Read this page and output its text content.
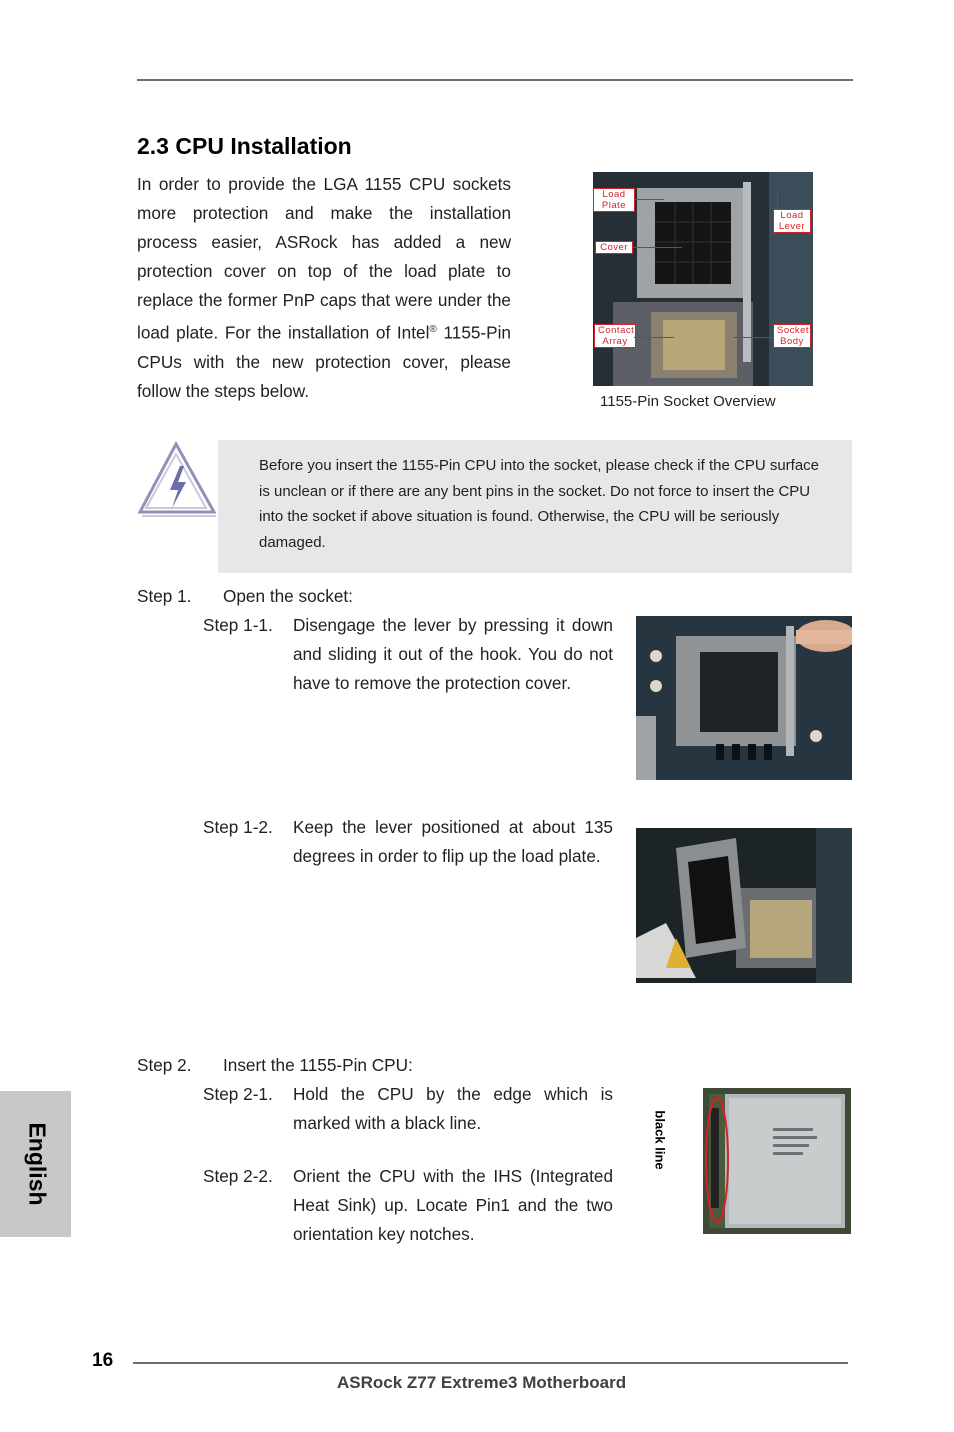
2.3 CPU Installation
In order to provide the LGA 1155 CPU sockets more protection and make the installation process easier, ASRock has added a new protection cover on top of the load plate to replace the former PnP caps that were under the load plate. For the installation of Intel® 1155-Pin CPUs with the new protection cover, please follow the steps below.
Load Plate
Load Lever
Cover
Contact Array
Socket Body
1155-Pin Socket Overview
Before you insert the 1155-Pin CPU into the socket, please check if the CPU surface is unclean or if there are any bent pins in the socket. Do not force to insert the CPU into the socket if above situation is found. Otherwise, the CPU will be seriously damaged.
Step 1. Open the socket:
Step 1-1. Disengage the lever by pressing it down and sliding it out of the hook. You do not have to remove the protection cover.
Step 1-2. Keep the lever positioned at about 135 degrees in order to flip up the load plate.
Step 2. Insert the 1155-Pin CPU:
Step 2-1. Hold the CPU by the edge which is marked with a black line.
Step 2-2. Orient the CPU with the IHS (Integrated Heat Sink) up. Locate Pin1 and the two orientation key notches.
black line
English
16
ASRock Z77 Extreme3 Motherboard
